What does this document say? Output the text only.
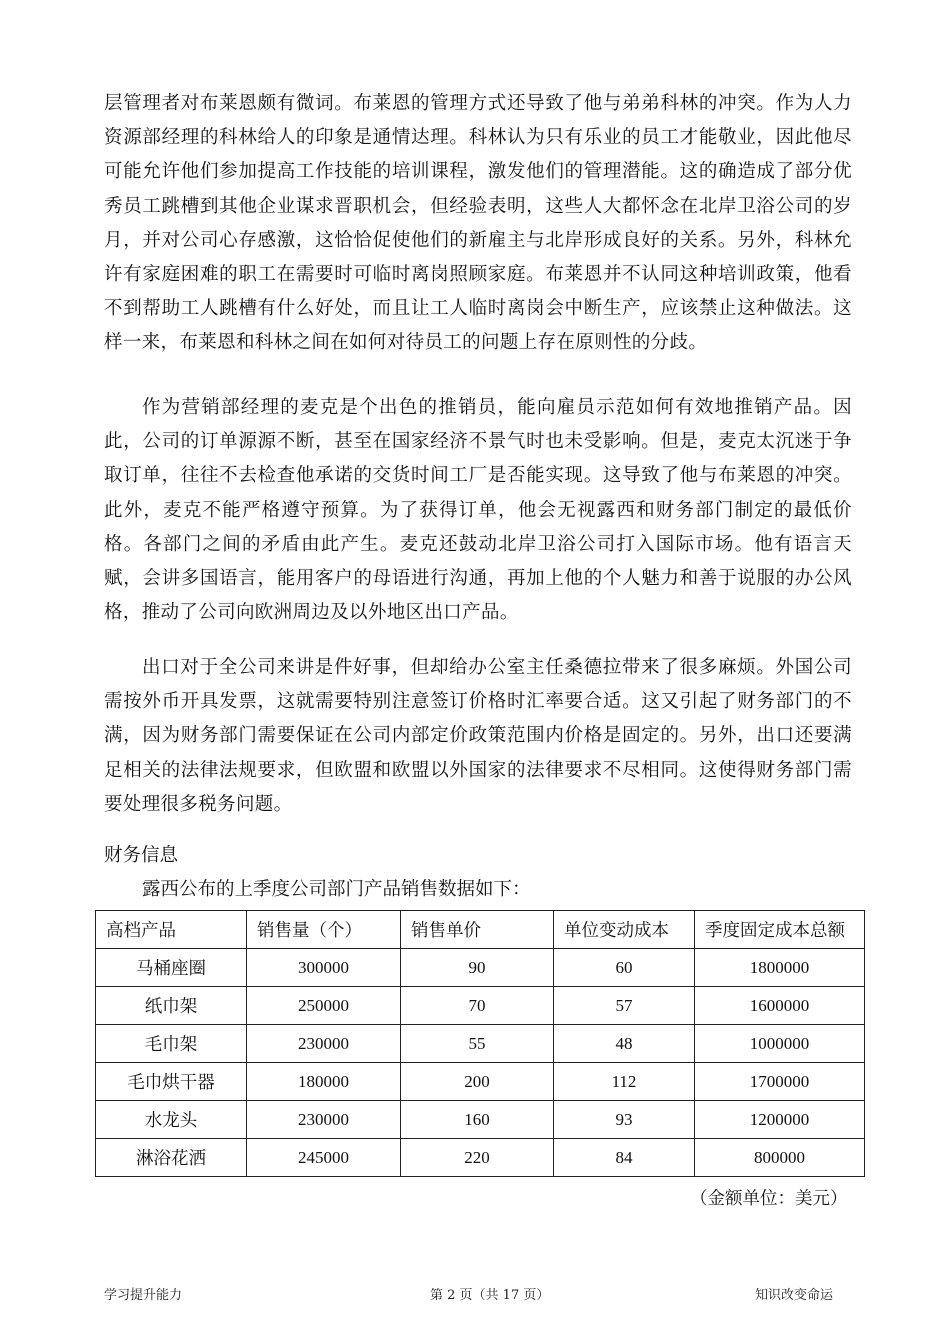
层管理者对布莱恩颇有微词。布莱恩的管理方式还导致了他与弟弟科林的冲突。作为人力资源部经理的科林给人的印象是通情达理。科林认为只有乐业的员工才能敬业，因此他尽可能允许他们参加提高工作技能的培训课程，激发他们的管理潜能。这的确造成了部分优秀员工跳槽到其他企业谋求晋职机会，但经验表明，这些人大都怀念在北岸卫浴公司的岁月，并对公司心存感激，这恰恰促使他们的新雇主与北岸形成良好的关系。另外，科林允许有家庭困难的职工在需要时可临时离岗照顾家庭。布莱恩并不认同这种培训政策，他看不到帮助工人跳槽有什么好处，而且让工人临时离岗会中断生产，应该禁止这种做法。这样一来，布莱恩和科林之间在如何对待员工的问题上存在原则性的分歧。

作为营销部经理的麦克是个出色的推销员，能向雇员示范如何有效地推销产品。因此，公司的订单源源不断，甚至在国家经济不景气时也未受影响。但是，麦克太沉迷于争取订单，往往不去检查他承诺的交货时间工厂是否能实现。这导致了他与布莱恩的冲突。此外，麦克不能严格遵守预算。为了获得订单，他会无视露西和财务部门制定的最低价格。各部门之间的矛盾由此产生。麦克还鼓动北岸卫浴公司打入国际市场。他有语言天赋，会讲多国语言，能用客户的母语进行沟通，再加上他的个人魅力和善于说服的办公风格，推动了公司向欧洲周边及以外地区出口产品。

出口对于全公司来讲是件好事，但却给办公室主任桑德拉带来了很多麻烦。外国公司需按外币开具发票，这就需要特别注意签订价格时汇率要合适。这又引起了财务部门的不满，因为财务部门需要保证在公司内部定价政策范围内价格是固定的。另外，出口还要满足相关的法律法规要求，但欧盟和欧盟以外国家的法律要求不尽相同。这使得财务部门需要处理很多税务问题。

财务信息

露西公布的上季度公司部门产品销售数据如下：

高档产品	销售量（个）	销售单价	单位变动成本	季度固定成本总额
马桶座圈	300000	90	60	1800000
纸巾架	250000	70	57	1600000
毛巾架	230000	55	48	1000000
毛巾烘干器	180000	200	112	1700000
水龙头	230000	160	93	1200000
淋浴花洒	245000	220	84	800000

（金额单位：美元）

学习提升能力	第 2 页（共 17 页）	知识改变命运
